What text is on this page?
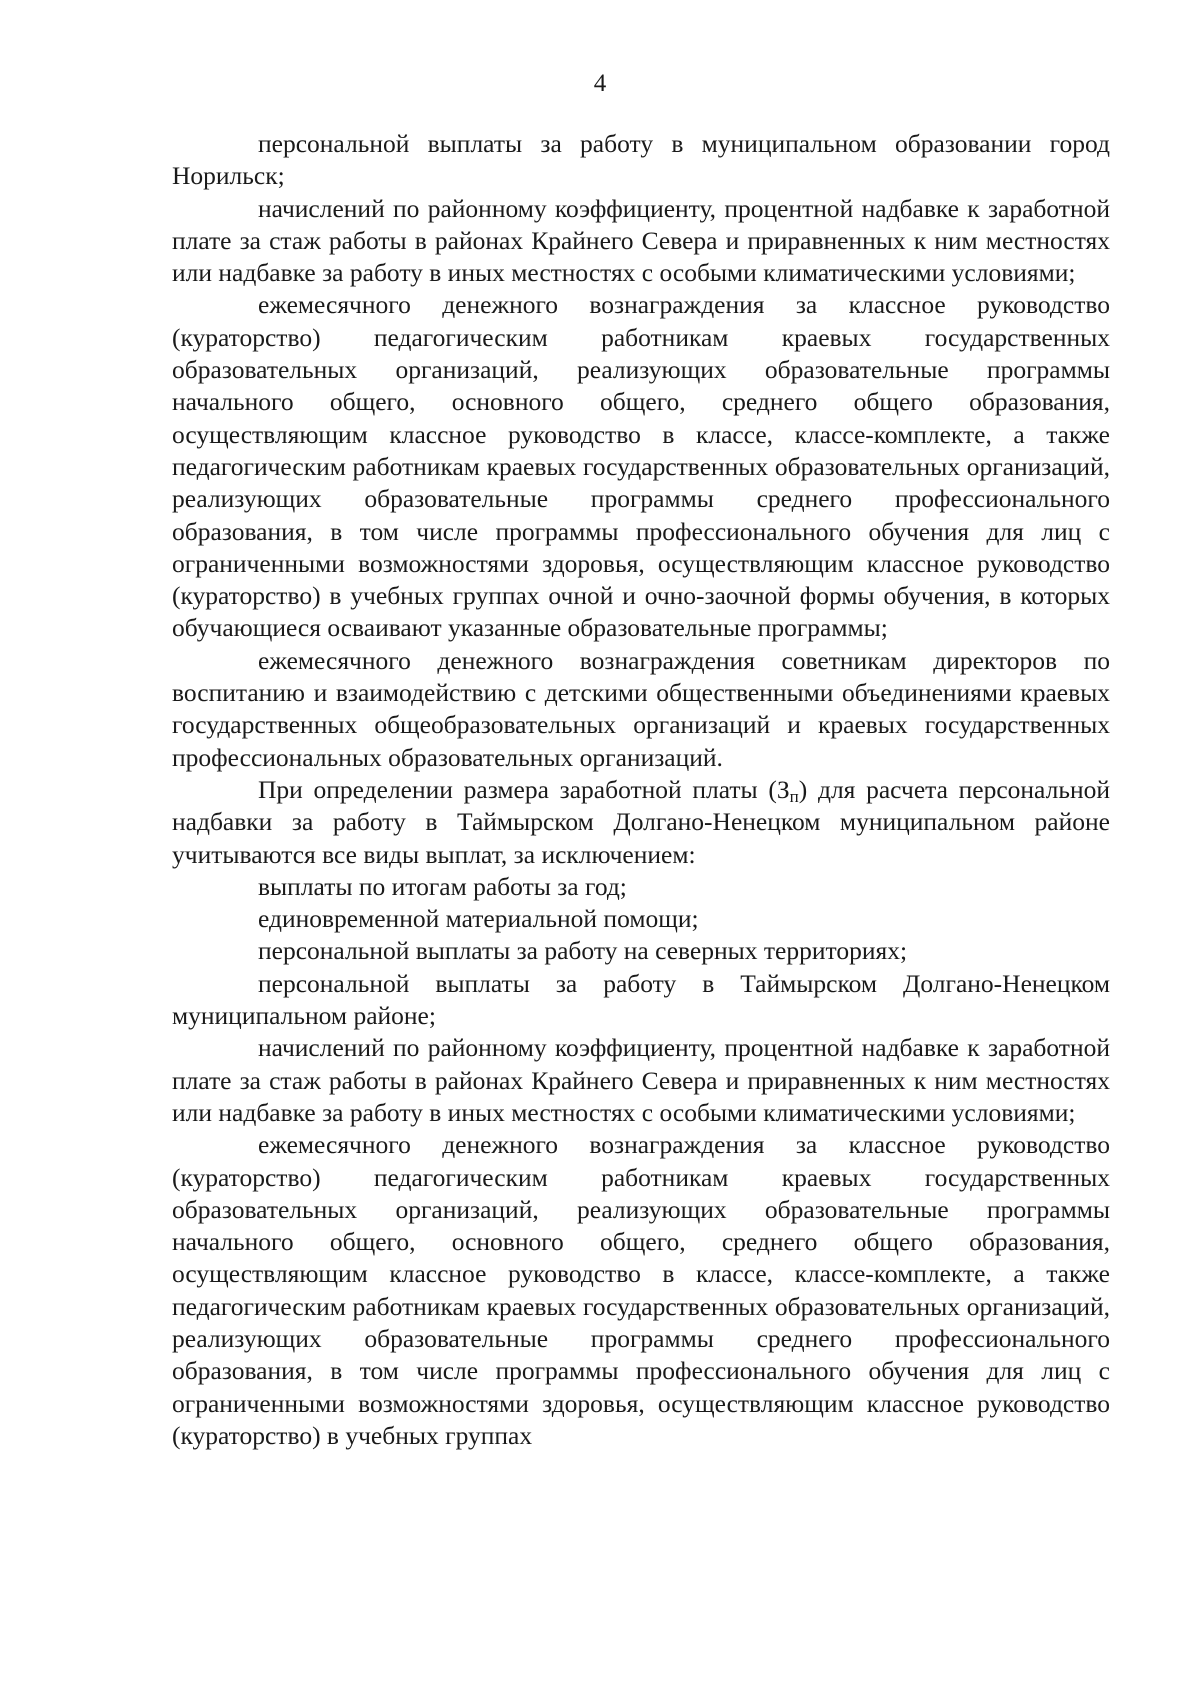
4

персональной выплаты за работу в муниципальном образовании город Норильск;

начислений по районному коэффициенту, процентной надбавке к заработной плате за стаж работы в районах Крайнего Севера и приравненных к ним местностях или надбавке за работу в иных местностях с особыми климатическими условиями;

ежемесячного денежного вознаграждения за классное руководство (кураторство) педагогическим работникам краевых государственных образовательных организаций, реализующих образовательные программы начального общего, основного общего, среднего общего образования, осуществляющим классное руководство в классе, классе-комплекте, а также педагогическим работникам краевых государственных образовательных организаций, реализующих образовательные программы среднего профессионального образования, в том числе программы профессионального обучения для лиц с ограниченными возможностями здоровья, осуществляющим классное руководство (кураторство) в учебных группах очной и очно-заочной формы обучения, в которых обучающиеся осваивают указанные образовательные программы;

ежемесячного денежного вознаграждения советникам директоров по воспитанию и взаимодействию с детскими общественными объединениями краевых государственных общеобразовательных организаций и краевых государственных профессиональных образовательных организаций.

При определении размера заработной платы $(З_п)$ для расчета персональной надбавки за работу в Таймырском Долгано-Ненецком муниципальном районе учитываются все виды выплат, за исключением:

выплаты по итогам работы за год;

единовременной материальной помощи;

персональной выплаты за работу на северных территориях;

персональной выплаты за работу в Таймырском Долгано-Ненецком муниципальном районе;

начислений по районному коэффициенту, процентной надбавке к заработной плате за стаж работы в районах Крайнего Севера и приравненных к ним местностях или надбавке за работу в иных местностях с особыми климатическими условиями;

ежемесячного денежного вознаграждения за классное руководство (кураторство) педагогическим работникам краевых государственных образовательных организаций, реализующих образовательные программы начального общего, основного общего, среднего общего образования, осуществляющим классное руководство в классе, классе-комплекте, а также педагогическим работникам краевых государственных образовательных организаций, реализующих образовательные программы среднего профессионального образования, в том числе программы профессионального обучения для лиц с ограниченными возможностями здоровья, осуществляющим классное руководство (кураторство) в учебных группах
